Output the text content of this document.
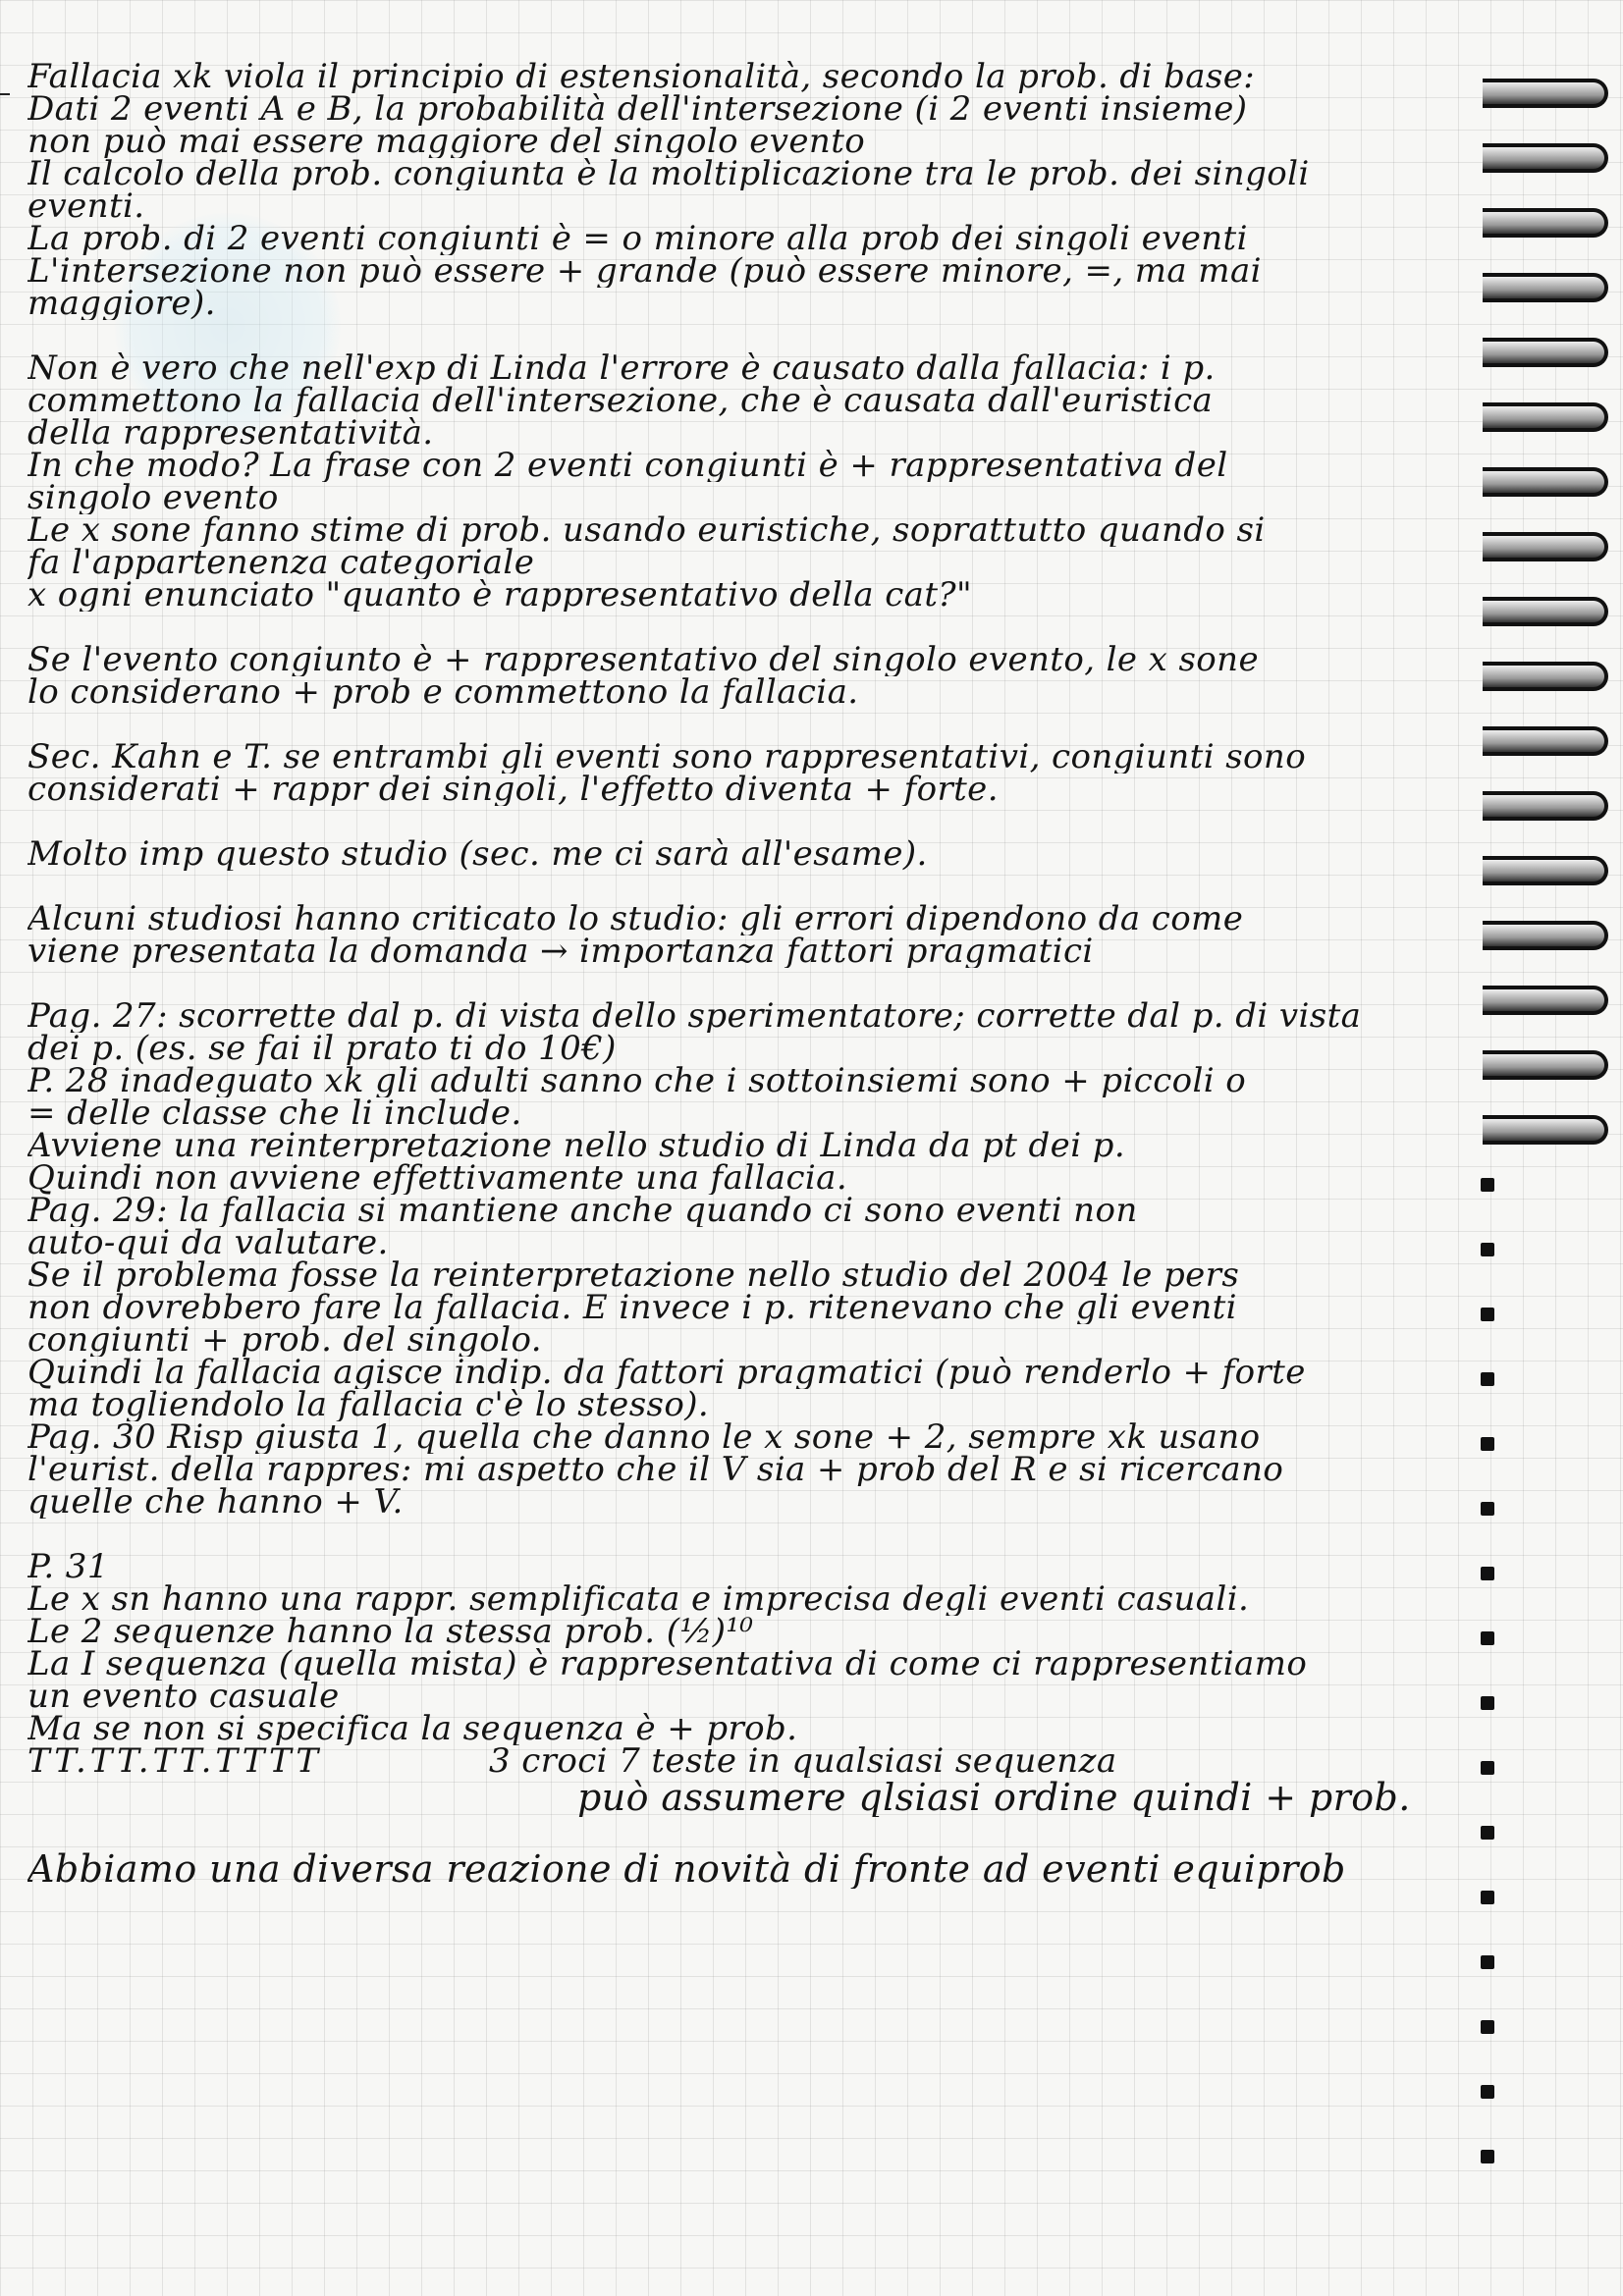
Fallacia xk viola il principio di estensionalità, secondo la prob. di base:
Dati 2 eventi A e B, la probabilità dell'intersezione (i 2 eventi insieme)
non può mai essere maggiore del singolo evento
Il calcolo della prob. congiunta è la moltiplicazione tra le prob. dei singoli
eventi.
La prob. di 2 eventi congiunti è = o minore alla prob dei singoli eventi
L'intersezione non può essere + grande (può essere minore, =, ma mai
maggiore).
Non è vero che nell'exp di Linda l'errore è causato dalla fallacia: i p.
commettono la fallacia dell'intersezione, che è causata dall'euristica
della rappresentatività.
In che modo? La frase con 2 eventi congiunti è + rappresentativa del
singolo evento
Le x sone fanno stime di prob. usando euristiche, soprattutto quando si
fa l'appartenenza categoriale
x ogni enunciato "quanto è rappresentativo della cat?"
Se l'evento congiunto è + rappresentativo del singolo evento, le x sone
lo considerano + prob e commettono la fallacia.
Sec. Kahn e T. se entrambi gli eventi sono rappresentativi, congiunti sono
considerati + rappr dei singoli, l'effetto diventa + forte.
Molto imp questo studio (sec. me ci sarà all'esame).
Alcuni studiosi hanno criticato lo studio: gli errori dipendono da come
viene presentata la domanda → importanza fattori pragmatici
Pag. 27: scorrette dal p. di vista dello sperimentatore; corrette dal p. di vista
dei p. (es. se fai il prato ti do 10€)
P. 28 inadeguato xk gli adulti sanno che i sottoinsiemi sono + piccoli o
= delle classe che li include.
Avviene una reinterpretazione nello studio di Linda da pt dei p.
Quindi non avviene effettivamente una fallacia.
Pag. 29: la fallacia si mantiene anche quando ci sono eventi non
auto-qui da valutare.
Se il problema fosse la reinterpretazione nello studio del 2004 le pers
non dovrebbero fare la fallacia. E invece i p. ritenevano che gli eventi
congiunti + prob. del singolo.
Quindi la fallacia agisce indip. da fattori pragmatici (può renderlo + forte
ma togliendolo la fallacia c'è lo stesso).
Pag. 30 Risp giusta 1, quella che danno le x sone + 2, sempre xk usano
l'eurist. della rappres: mi aspetto che il V sia + prob del R e si ricercano
quelle che hanno + V.
P. 31
Le x sn hanno una rappr. semplificata e imprecisa degli eventi casuali.
Le 2 sequenze hanno la stessa prob. (½)¹⁰
La I sequenza (quella mista) è rappresentativa di come ci rappresentiamo
un evento casuale
Ma se non si specifica la sequenza è + prob.
TT.TT.TT.TTTT	3 croci 7 teste in qualsiasi sequenza
può assumere qlsiasi ordine quindi + prob.
Abbiamo una diversa reazione di novità di fronte ad eventi equiprob
